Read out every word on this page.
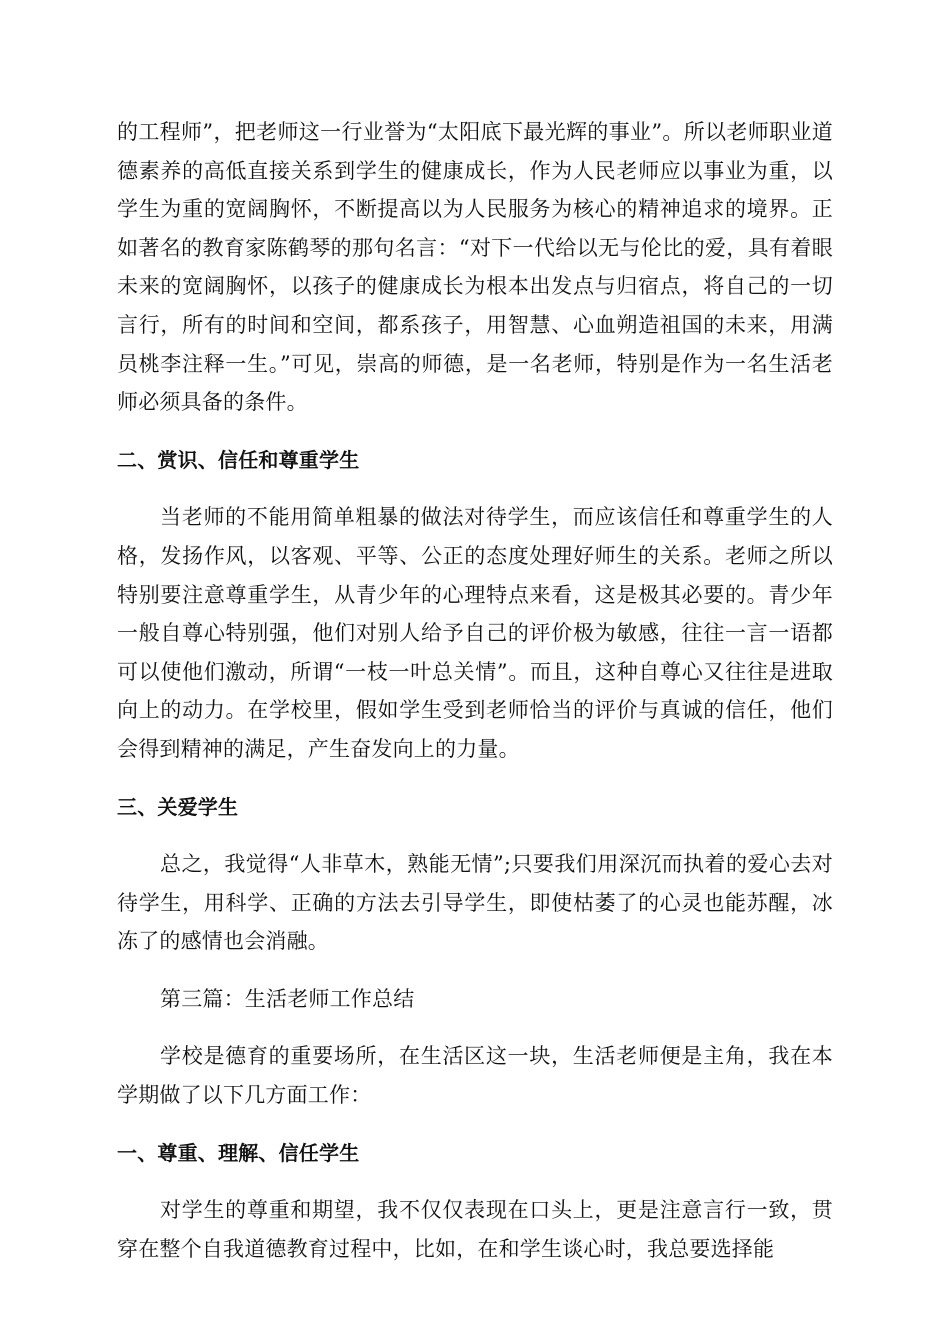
的工程师”，把老师这一行业誉为“太阳底下最光辉的事业”。所以老师职业道德素养的高低直接关系到学生的健康成长，作为人民老师应以事业为重，以学生为重的宽阔胸怀，不断提高以为人民服务为核心的精神追求的境界。正如著名的教育家陈鹤琴的那句名言：“对下一代给以无与伦比的爱，具有着眼未来的宽阔胸怀，以孩子的健康成长为根本出发点与归宿点，将自己的一切言行，所有的时间和空间，都系孩子，用智慧、心血朔造祖国的未来，用满员桃李注释一生。”可见，崇高的师德，是一名老师，特别是作为一名生活老师必须具备的条件。

二、赏识、信任和尊重学生

当老师的不能用简单粗暴的做法对待学生，而应该信任和尊重学生的人格，发扬作风，以客观、平等、公正的态度处理好师生的关系。老师之所以特别要注意尊重学生，从青少年的心理特点来看，这是极其必要的。青少年一般自尊心特别强，他们对别人给予自己的评价极为敏感，往往一言一语都可以使他们激动，所谓“一枝一叶总关情”。而且，这种自尊心又往往是进取向上的动力。在学校里，假如学生受到老师恰当的评价与真诚的信任，他们会得到精神的满足，产生奋发向上的力量。

三、关爱学生

总之，我觉得“人非草木，熟能无情”;只要我们用深沉而执着的爱心去对待学生，用科学、正确的方法去引导学生，即使枯萎了的心灵也能苏醒，冰冻了的感情也会消融。

第三篇：生活老师工作总结

学校是德育的重要场所，在生活区这一块，生活老师便是主角，我在本学期做了以下几方面工作：

一、尊重、理解、信任学生

对学生的尊重和期望，我不仅仅表现在口头上，更是注意言行一致，贯穿在整个自我道德教育过程中，比如，在和学生谈心时，我总要选择能
